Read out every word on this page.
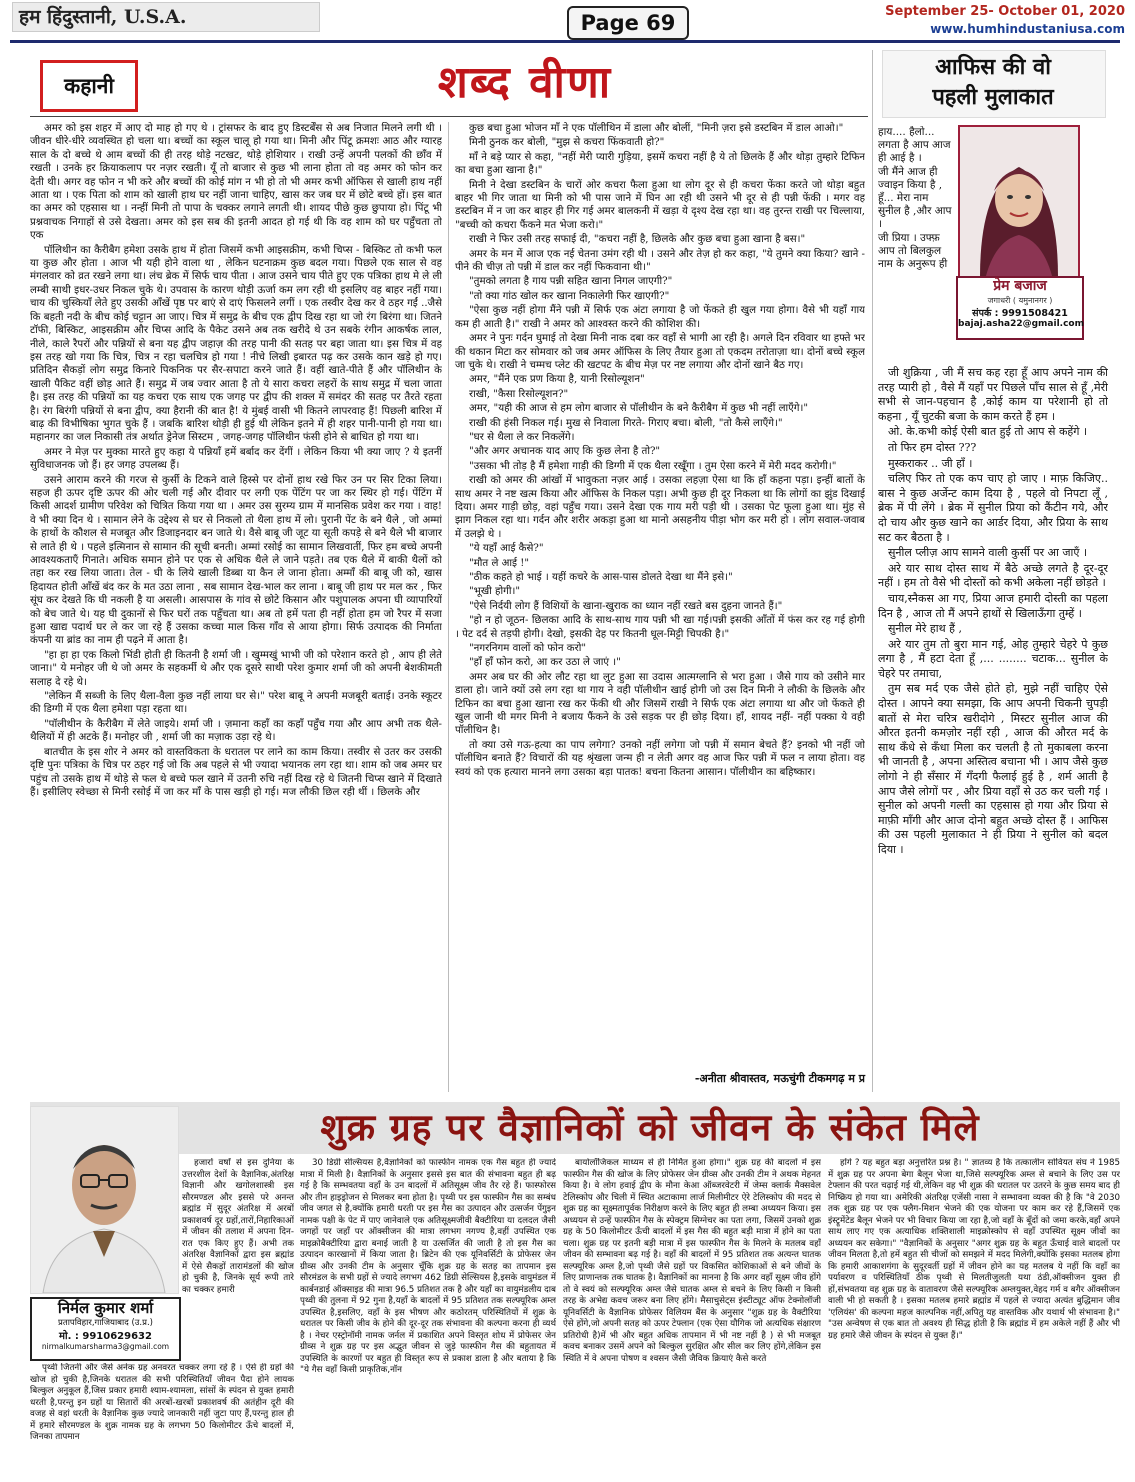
हम हिंदुस्तानी, U.S.A.	Page 69	September 25- October 01, 2020
www.humhindustaniusa.com
कहानी	शब्द वीणा

अमर को इस शहर में आए दो माह हो गए थे । ट्रांसफर के बाद हुए डिस्टर्बेंस से अब निजात मिलने लगी थी । जीवन धीरे-धीरे व्यवस्थित हो चला था। बच्चों का स्कूल चालू हो गया था। मिनी और पिंटू क्रमशः आठ और ग्यारह साल के दो बच्चे थे आम बच्चों की ही तरह थोड़े नटखट, थोड़े होशियार । राखी उन्हें अपनी पलकों की छाँव में रखती । उनके हर क्रियाकलाप पर नज़र रखती। यूँ तो बाजार से कुछ भी लाना होता तो वह अमर को फोन कर देती थी। अगर वह फोन न भी करे और बच्चों की कोई मांग न भी हो तो भी अमर कभी ऑफिस से खाली हाथ नहीं आता था । एक पिता को शाम को खाली हाथ घर नहीं जाना चाहिए, खास कर जब घर में छोटे बच्चे हों। इस बात का अमर को एहसास था । नन्हीं मिनी तो पापा के चक्कर लगाने लगती थी। शायद पीछे कुछ छुपाया हो। पिंटू भी प्रश्नवाचक निगाहों से उसे देखता। अमर को इस सब की इतनी आदत हो गई थी कि वह शाम को घर पहुँचता तो एक

पॉलिथीन का कैरीबैग हमेशा उसके हाथ में होता जिसमें कभी आइसक्रीम, कभी चिप्स - बिस्किट तो कभी फल या कुछ और होता । आज भी यही होने वाला था , लेकिन घटनाक्रम कुछ बदल गया। पिछले एक साल से वह मंगलवार को व्रत रखने लगा था। लंच ब्रेक में सिर्फ चाय पीता । आज उसने चाय पीते हुए एक पत्रिका हाथ मे ले ली लम्बी साथी इधर-उधर निकल चुके थे। उपवास के कारण थोड़ी ऊर्जा कम लग रही थी इसलिए वह बाहर नहीं गया। चाय की चुस्कियाँ लेते हुए उसकी आँखें पृष्ठ पर बाएं से दाएं फिसलने लगीं । एक तस्वीर देख कर वे ठहर गईं ..जैसे कि बहती नदी के बीच कोई चट्टान आ जाए। चित्र में समुद्र के बीच एक द्वीप दिख रहा था जो रंग बिरंगा था। जितने टॉफी, बिस्किट, आइसक्रीम और चिप्स आदि के पैकेट उसने अब तक खरीदे थे उन सबके रंगीन आकर्षक लाल, नीले, काले रैपरों और पन्नियों से बना यह द्वीप जहाज़ की तरह पानी की सतह पर बहा जाता था। इस चित्र में वह इस तरह खो गया कि चित्र, चित्र न रहा चलचित्र हो गया ! नीचे लिखी इबारत पढ़ कर उसके कान खड़े हो गए। प्रतिदिन सैकड़ों लोग समुद्र किनारे पिकनिक पर सैर-सपाटा करने जाते हैं। वहीं खाते-पीते हैं और पॉलिथीन के खाली पैकिट वहीं छोड़ आते हैं। समुद्र में जब ज्वार आता है तो ये सारा कचरा लहरों के साथ समुद्र में चला जाता है। इस तरह की पन्नियों का यह कचरा एक साथ एक जगह पर द्वीप की शक्ल में समंदर की सतह पर तैरते रहता है। रंग बिरंगी पन्नियों से बना द्वीप, क्या हैरानी की बात है! ये मुंबई वासी भी कितने लापरवाह हैं! पिछली बारिश में बाढ़ की विभीषिका भुगत चुके हैं । जबकि बारिश थोड़ी ही हुई थी लेकिन इतने में ही शहर पानी-पानी हो गया था। महानगर का जल निकासी तंत्र अर्थात ड्रेनेज सिस्टम , जगह-जगह पॉलिथीन फंसी होने से बाधित हो गया था।

अमर ने मेज़ पर मुक्का मारते हुए कहा ये पन्नियाँ हमें बर्बाद कर देंगीं । लेकिन किया भी क्या जाए ? ये इतनीं सुविधाजनक जो हैं। हर जगह उपलब्ध हैं।

उसने आराम करने की गरज से कुर्सी के टिकने वाले हिस्से पर दोनों हाथ रखे फिर उन पर सिर टिका लिया। सहज ही ऊपर दृष्टि ऊपर की ओर चली गई और दीवार पर लगी एक पेंटिंग पर जा कर स्थिर हो गई। पेंटिंग में किसी आदर्श ग्रामीण परिवेश को चित्रित किया गया था । अमर उस सुरम्य ग्राम में मानसिक प्रवेश कर गया । वाह! वे भी क्या दिन थे । सामान लेने के उद्देश्य से घर से निकलो तो थैला हाथ में लो। पुरानी पेंट के बने थैले , जो अम्मां के हाथों के कौशल से मजबूत और डिजाइनदार बन जाते थे। वैसे बाबू जी जूट या सूती कपड़े से बने थैले भी बाजार से लाते ही थे । पहले इत्मिनान से सामान की सूची बनती। अम्मां रसोई का सामान लिखवातीं, फिर हम बच्चे अपनी आवश्यकताएँ गिनाते। अधिक समान होने पर एक से अधिक थैले ले जाने पड़ते। तब एक थैले में बाकी थैलों को तहा कर रख लिया जाता। तेल - घी के लिये खाली डिब्बा या कैन ले जाना होता। अम्माँ की बाबू जी को, खास हिदायत होती आँखें बंद कर के मत उठा लाना , सब सामान देख-भाल कर लाना । बाबू जी हाथ पर मल कर , फिर सूंघ कर देखते कि घी नकली है या असली। आसपास के गांव से छोटे किसान और पशुपालक अपना घी व्यापारियों को बेच जाते थे। यह घी दुकानों से फिर घरों तक पहुँचता था। अब तो हमें पता ही नहीं होता हम जो रैपर में सजा हुआ खाद्य पदार्थ घर ले कर जा रहे हैं उसका कच्चा माल किस गाँव से आया होगा। सिर्फ उत्पादक की निर्माता कंपनी या ब्रांड का नाम ही पढ़ने में आता है।

"हा हा हा एक किलो भिंडी होती ही कितनी है शर्मा जी । खुम्मखुं भाभी जी को परेशान करते हो , आप ही लेते जाना।" ये मनोहर जी थे जो अमर के सहकर्मी थे और एक दूसरे साथी परेश कुमार शर्मा जी को अपनी बेशकीमती सलाह दे रहे थे।

"लेकिन मैं सब्जी के लिए थैला-वैला कुछ नहीं लाया घर से।" परेश बाबू ने अपनी मजबूरी बताई। उनके स्कूटर की डिग्गी में एक थैला हमेशा पड़ा रहता था।

"पॉलीथीन के कैरीबैग में लेते जाइये। शर्मा जी । ज़माना कहाँ का कहाँ पहुँच गया और आप अभी तक थैले-थैलियों में ही अटके हैं। मनोहर जी , शर्मा जी का मज़ाक उड़ा रहे थे।

बातचीत के इस शोर ने अमर को वास्तविकता के धरातल पर लाने का काम किया। तस्वीर से उतर कर उसकी दृष्टि पुनः पत्रिका के चित्र पर ठहर गई जो कि अब पहले से भी ज्यादा भयानक लग रहा था। शाम को जब अमर घर पहुंच तो उसके हाथ में थोड़े से फल थे बच्चे फल खाने में उतनी रुचि नहीं दिख रहे थे जितनी चिप्स खाने में दिखाते हैं। इसीलिए स्वेच्छा से मिनी रसोई में जा कर माँ के पास खड़ी हो गई। मज लौकी छिल रही थीं । छिलके और

कुछ बचा हुआ भोजन माँ ने एक पॉलीथिन में डाला और बोलीं, "मिनी ज़रा इसे डस्टबिन में डाल आओ।"

मिनी ठुनक कर बोली, "मुझ से कचरा फिंकवाती हो?"

माँ ने बड़े प्यार से कहा, "नहीं मेरी प्यारी गुड़िया, इसमें कचरा नहीं है ये तो छिलके हैं और थोड़ा तुम्हारे टिफिन का बचा हुआ खाना है।"

मिनी ने देखा डस्टबिन के चारों ओर कचरा फैला हुआ था लोग दूर से ही कचरा फेंका करते जो थोड़ा बहुत बाहर भी गिर जाता था मिनी को भी पास जाने में घिन आ रही थी उसने भी दूर से ही पन्नी फेंकी । मगर वह डस्टबिन में न जा कर बाहर ही गिर गई अमर बालकनी में खड़ा ये दृश्य देख रहा था। वह तुरन्त राखी पर चिल्लाया, "बच्ची को कचरा फैंकने मत भेजा करो।"

राखी ने फिर उसी तरह सफाई दी, "कचरा नहीं है, छिलके और कुछ बचा हुआ खाना है बस।"

अमर के मन में आज एक नई चेतना उमंग रही थी । उसने और तेज़ हो कर कहा, "ये तुमने क्या किया? खाने - पीने की चीज़ तो पन्नी में डाल कर नहीं फिकवाना थी।"

"तुमको लगता है गाय पन्नी सहित खाना निगल जाएगी?"

"तो क्या गांठ खोल कर खाना निकालेगी फिर खाएगी?"

"ऐसा कुछ नहीं होगा मैंने पन्नी में सिर्फ एक अंटा लगाया है जो फेंकते ही खुल गया होगा। वैसे भी यहाँ गाय कम ही आती है।" राखी ने अमर को आश्वस्त करने की कोशिश की।

अमर ने पुनः गर्दन घुमाई तो देखा मिनी नाक दबा कर वहाँ से भागी आ रही है। अगले दिन रविवार था हफ्ते भर की थकान मिटा कर सोमवार को जब अमर ऑफिस के लिए तैयार हुआ तो एकदम तरोताज़ा था। दोनों बच्चे स्कूल जा चुके थे। राखी ने चम्मच प्लेट की खटपट के बीच मेज़ पर नष्ट लगाया और दोनों खाने बैठ गए।

अमर, "मैंने एक प्रण किया है, यानी रिसोल्यूशन"

राखी, "कैसा रिसोल्यूशन?"

अमर, "यही की आज से हम लोग बाजार से पॉलीथीन के बने कैरीबैग में कुछ भी नहीं लाएँगे।"

राखी की हंसी निकल गई। मुख से निवाला गिरते- गिराए बचा। बोली, "तो कैसे लाएँगे।"

"घर से थैला ले कर निकलेंगे।

"और अगर अचानक याद आए कि कुछ लेना है तो?"

"उसका भी तोड़ है मैं हमेशा गाड़ी की डिग्गी में एक थैला रखूँगा । तुम ऐसा करने में मेरी मदद करोगी।"

राखी को अमर की आंखों में भावुकता नज़र आई । उसका लहज़ा ऐसा था कि हाँ कहना पड़ा। इन्हीं बातों के साथ अमर ने नष्ट खत्म किया और ऑफिस के निकल पड़ा। अभी कुछ ही दूर निकला था कि लोगों का झुंड दिखाई दिया। अमर गाड़ी छोड़, वहां पहुँच गया। उसने देखा एक गाय मरी पड़ी थी । उसका पेट फूला हुआ था। मुंह से झाग निकल रहा था। गर्दन और शरीर अकड़ा हुआ था मानो असहनीय पीड़ा भोग कर मरी हो । लोग सवाल-जवाब में उलझे थे ।

"ये यहाँ आई कैसे?"

"मौत ले आई !"

"ठीक कहते हो भाई । यहीं कचरे के आस-पास डोलते देखा था मैंने इसे।"

"भूखी होगी।"

"ऐसे निर्दयी लोग हैं विशियों के खाना-खुराक का ध्यान नहीं रखते बस दुहना जानते हैं।"

"हो न हो जूठन- छिलका आदि के साथ-साथ गाय पन्नी भी खा गई।पन्नी इसकी आँतों में फंस कर रह गई होगी । पेट दर्द से तड़पी होगी। देखो, इसकी देह पर कितनी धूल-मिट्टी चिपकी है।"

"नगरनिगम वालों को फोन करो"

"हाँ हाँ फोन करो, आ कर उठा ले जाएं ।"

अमर अब घर की ओर लौट रहा था लुट हुआ सा उदास आत्मग्लानि से भरा हुआ । जैसे गाय को उसीने मार डाला हो। जाने क्यों उसे लग रहा था गाय ने वही पॉलीथीन खाई होगी जो उस दिन मिनी ने लौकी के छिलके और टिफिन का बचा हुआ खाना रख कर फेंकी थी और जिसमें राखी ने सिर्फ एक अंटा लगाया था और जो फेंकते ही खुल जानी थी मगर मिनी ने बजाय फैंकने के उसे सड़क पर ही छोड़ दिया। हाँ, शायद नहीं- नहीं पक्का ये वही पॉलीथिन है।

तो क्या उसे गऊ-हत्या का पाप लगेगा? उनको नहीं लगेगा जो पन्नी में समान बेचते हैं? इनको भी नहीं जो पॉलीथिन बनाते हैं? विचारों की यह श्रृंखला जन्म ही न लेती अगर वह आज फिर पन्नी में फल न लाया होता। वह स्वयं को एक हत्यारा मानने लगा उसका बड़ा पातक! बचना कितना आसान। पॉलीथीन का बहिष्कार।

-अनीता श्रीवास्तव, मऊचुंगी टीकमगढ़ म प्र
आफिस की वो
पहली मुलाकात
हाय.... हैलो... लगता है आप आज ही आई है ।
जी मैंने आज ही ज्वाइन किया है ,
हूँ... मेरा नाम सुनील है ,और आप ।
जी प्रिया । उफ्फ़ आप तो बिलकुल नाम के अनुरूप ही
प्रेम बजाज
जगाधरी ( यमुनानगर )
संपर्क : 9991508421
bajaj.asha22@gmail.com

जी शुक्रिया , जी मैं सच कह रहा हूँ आप अपने नाम की तरह प्यारी हो , वैसे मैं यहाँ पर पिछले पाँच साल से हूँ ,मेरी सभी से जान-पहचान है ,कोई काम या परेशानी हो तो कहना , यूँ चुटकी बजा के काम करते हैं हम ।

ओ. के.कभी कोई ऐसी बात हुई तो आप से कहेंगे ।

तो फिर हम दोस्त ???

मुस्कराकर .. जी हाँ ।

चलिए फिर तो एक कप चाए हो जाए । माफ़ किजिए.. बास ने कुछ अर्जेन्ट काम दिया है , पहले वो निपटा लूँ , ब्रेक में पी लेंगे । ब्रेक में सुनील प्रिया को कैंटीन गये, और दो चाय और कुछ खाने का आर्डर दिया, और प्रिया के साथ सट कर बैठता है ।

सुनील प्लीज़ आप सामने वाली कुर्सी पर आ जाएँ ।

अरे यार साथ दोस्त साथ में बैठे अच्छे लगते है दूर-दूर नहीं । हम तो वैसे भी दोस्तों को कभी अकेला नहीं छोड़ते ।

चाय,स्नैकस आ गए, प्रिया आज हमारी दोस्ती का पहला दिन है , आज तो मैं अपने हाथों से खिलाऊँगा तुम्हें ।

सुनील मेरे हाथ हैं ,

अरे यार तुम तो बुरा मान गई, ओह तुम्हारे चेहरे पे कुछ लगा है , मैं हटा देता हूँ ,... ........ चटाक... सुनील के चेहरे पर तमाचा,

तुम सब मर्द एक जैसे होते हो, मुझे नहीं चाहिए ऐसे दोस्त । आपने क्या समझा, कि आप अपनी चिकनी चुपड़ी बातों से मेरा चरित्र खरीदोगे , मिस्टर सुनील आज की औरत इतनी कमज़ोर नहीं रही , आज की औरत मर्द के साथ कँधे से कँधा मिला कर चलती है तो मुकाबला करना भी जानती है , अपना अस्तित्व बचाना भी । आप जैसे कुछ लोगो ने ही सँसार में गँदगी फैलाई हुई है , शर्म आती है आप जैसे लोगों पर , और प्रिया वहाँ से उठ कर चली गई । सुनील को अपनी गल्ती का एहसास हो गया और प्रिया से माफ़ी माँगी और आज दोनो बहुत अच्छे दोस्त हैं । आफिस की उस पहली मुलाकात ने ही प्रिया ने सुनील को बदल दिया ।

शुक्र ग्रह पर वैज्ञानिकों को जीवन के संकेत मिले
निर्मल कुमार शर्मा
प्रतापविहार,गाजियाबाद (उ.प्र.)
मो. : 9910629632
nirmalkumarsharma3@gmail.com

हजारों वर्षों से इस दुनिया के उत्तरशील देशों के वैज्ञानिक,अंतरिक्ष विज्ञानी और खगोलशास्त्री इस सौरमण्डल और इससे परे अनन्त ब्रह्मांड में सुदूर अंतरिक्ष में अरबों प्रकाशवर्ष दूर ग्रहों,तारों,निहारिकाओं में जीवन की तलाश में अपना दिन-रात एक किए हुए हैं। अभी तक अंतरिक्ष वैज्ञानिकों द्वारा इस ब्रह्मांड में ऐसे सैकड़ों तारामंडलों की खोज हो चुकी है, जिनके सूर्य रूपी तारे का चक्कर हमारी

पृथ्वी जितनी और जैसे अनेक ग्रह अनवरत चक्कर लगा रहे हैं । ऐसे ही ग्रहों की खोज हो चुकी है,जिनके धरातल की सभी परिस्थितियाँ जीवन पैदा होने लायक बिल्कुल अनुकूल हैं,जिस प्रकार हमारी श्याम-श्यामला, सांसों के स्पंदन से युक्त हमारी धरती है,परन्तु इन ग्रहों या सितारों की अरबों-खरबों प्रकाशवर्ष की अतंहीन दूरी की वजह से वहां धरती के वैज्ञानिक कुछ ज्यादे जानकारी नहीं जुटा पाए हैं,परन्तु हाल ही में हमारे सौरमण्डल के शुक्र नामक ग्रह के लगभग 50 किलोमीटर ऊँचे बादलों में, जिनका तापमान

30 डिग्री सेल्सियस है,वैज्ञानिकों को फास्फीन नामक एक गैस बहुत ही ज्यादे मात्रा में मिली है। वैज्ञानिकों के अनुसार इससे इस बात की संभावना बहुत ही बढ़ गई है कि सम्भवतया वहाँ के उन बादलों में अतिसूक्ष्म जीव तैर रहे हैं। फास्फोरस और तीन हाइड्रोजन से मिलकर बना होता है। पृथ्वी पर इस फास्फीन गैस का सम्बंध जीव जगत से है,क्योंकि हमारी धरती पर इस गैस का उत्पादन और उत्सर्जन पेंगुइन नामक पक्षी के पेट में पाए जानेवाले एक अतिसूक्ष्मजीवी बैक्टीरिया या दलदल जैसी जगहों पर जहाँ पर ऑक्सीजन की मात्रा लगभग नगण्य है,वहीं उपस्थित एक माइक्रोबैक्टीरिया द्वारा बनाई जाती है या उत्सर्जित की जाती है तो इस गैस का उत्पादन कारखानों में किया जाता है। ब्रिटेन की एक यूनिवर्सिटी के प्रोफेसर जेन ग्रीव्स और उनकी टीम के अनुसार चूँकि शुक्र ग्रह के सतह का तापमान इस सौरमंडल के सभी ग्रहों से ज्यादे लगभग 462 डिग्री सेल्सियस है,इसके वायुमंडल में कार्बनडाई ऑक्साइड की मात्रा 96.5 प्रतिशत तक है और यहाँ का वायुमंडलीय दाब पृथ्वी की तुलना में 92 गुना है,यहाँ के बादलों में 95 प्रतिशत तक सल्फ्यूरिक अम्ल उपस्थित है,इसलिए, वहाँ के इस भीषण और कठोरतम् परिस्थितियों में शुक्र के धरातल पर किसी जीव के होने की दूर-दूर तक संभावना की कल्पना करना ही व्यर्थ है । नेचर एस्ट्रोनॉमी नामक जर्नल में प्रकाशित अपने विस्तृत शोध में प्रोफेसर जेन ग्रीव्स ने शुक्र ग्रह पर इस अद्भुत जीवन से जुड़े फास्फीन गैस की बहुतायत में उपस्थिति के कारणों पर बहुत ही विस्तृत रूप से प्रकाश डाला है और बताया है कि "ये गैस वहाँ किसी प्राकृतिक,नॉन

बायोलॉजिकल माध्यम से ही निर्मित हुआ होगा।" शुक्र ग्रह की बादलों में इस फास्फीन गैस की खोज के लिए प्रोफेसर जेन ग्रीव्स और उनकी टीम ने अथक मेहनत किया है। वे लोग हवाई द्वीप के मौना केआ ऑब्जरवेटरी में जेम्स क्लार्क मैक्सवेल टेलिस्कोप और चिली में स्थित अटाकामा लार्ज मिलीमीटर ऐरे टेलिस्कोप की मदद से शुक्र ग्रह का सूक्ष्मतापूर्वक निरीक्षण करने के लिए बहुत ही लम्बा अध्ययन किया। इस अध्ययन से उन्हें फास्फीन गैस के स्पेक्ट्रम सिग्नेचर का पता लगा, जिसमें उनको शुक्र ग्रह के 50 किलोमीटर ऊँची बादलों में इस गैस की बहुत बड़ी मात्रा में होने का पता चला। शुक्र ग्रह पर इतनी बड़ी मात्रा में इस फास्फीन गैस के मिलने के मतलब वहाँ जीवन की सम्भावना बढ़ गई है। वहाँ की बादलों में 95 प्रतिशत तक अत्यन्त घातक सल्फ्यूरिक अम्ल है,जो पृथ्वी जैसे ग्रहों पर विकसित कोशिकाओं से बने जीवों के लिए प्राणान्तक तक घातक है। वैज्ञानिकों का मानना है कि अगर वहाँ सूक्ष्म जीव होंगे तो वे स्वयं को सल्फ्यूरिक अम्ल जैसे घातक अम्ल से बचने के लिए किसी न किसी तरह के अभेद्य कवच जरूर बना लिए होंगे। मैसाचुसेट्स इंस्टीट्यूट ऑफ टेक्नोलॉजी यूनिवर्सिटी के वैज्ञानिक प्रोफेसर विलियम बैंस के अनुसार "शुक्र ग्रह के वैक्टीरिया ऐसे होंगे,जो अपनी सतह को ऊपर टेफ्लान (एक ऐसा यौगिक जो अत्यधिक संक्षारण प्रतिरोधी है)में भी और बहुत अधिक तापमान में भी नष्ट नहीं है ) से भी मजबूत कवच बनाकर उसमें अपने को बिल्कुल सुरक्षित और सील कर लिए होंगे,लेकिन इस स्थिति में वे अपना पोषण व श्वसन जैसी जैविक क्रियाएं कैसे करते

होंगे ? यह बहुत बड़ा अनुत्तरित प्रश्न है। " ज्ञातव्य है कि तत्कालीन सोवियत संघ ने 1985 में शुक्र ग्रह पर अपना बेगा बैलून भेजा था,जिसे सल्फ्यूरिक अम्ल से बचाने के लिए उस पर टेफ्लान की परत चढ़ाई गई थी,लेकिन वह भी शुक्र की धरातल पर उतरने के कुछ समय बाद ही निष्क्रिय हो गया था। अमेरिकी अंतरिक्ष एजेंसी नासा ने सम्भावना व्यक्त की है कि "वे 2030 तक शुक्र ग्रह पर एक फ्लैग-मिशन भेजने की एक योजना पर काम कर रहे हैं,जिसमें एक इंस्ट्रूमेंटेड बैलून भेजने पर भी विचार किया जा रहा है,जो वहाँ के बूँदों को जमा करके,वहाँ अपने साथ लाए गए एक अत्याधिक शक्तिशाली माइक्रोस्कोप से वहाँ उपस्थित सूक्ष्म जीवों का अध्ययन कर सकेगा।" "वैज्ञानिकों के अनुसार "अगर शुक्र ग्रह के बहुत ऊँचाई वाले बादलों पर जीवन मिलता है,तो हमें बहुत सी चीजों को समझने में मदद मिलेगी,क्योंकि इसका मतलब होगा कि हमारी आकाशगंगा के सुदूरवर्ती ग्रहों में जीवन होने का यह मतलब ये नहीं कि वहाँ का पर्यावरण व परिस्थितियाँ ठीक पृथ्वी से मिलतीजुलती यथा ठंडी,ऑक्सीजन युक्त ही हों,संभवतया वह शुक्र ग्रह के वातावरण जैसे सल्फ्यूरिक अम्लयुक्त,वेहद गर्म व बगैर ऑक्सीजन वाली भी हो सकती है । इसका मतलब हमारे ब्रह्मांड में पहले से ज्यादा अत्यंत बुद्धिमान जीव 'एलियंस' की कल्पना महज काल्पनिक नहीं,अपितु यह वास्तविक और यथार्थ भी संभावना है।" "उस अन्वेषण से एक बात तो अवश्य ही सिद्ध होती है कि ब्रह्मांड में हम अकेले नहीं हैं और भी ग्रह हमारे जैसे जीवन के स्पंदन से युक्त हैं।"
